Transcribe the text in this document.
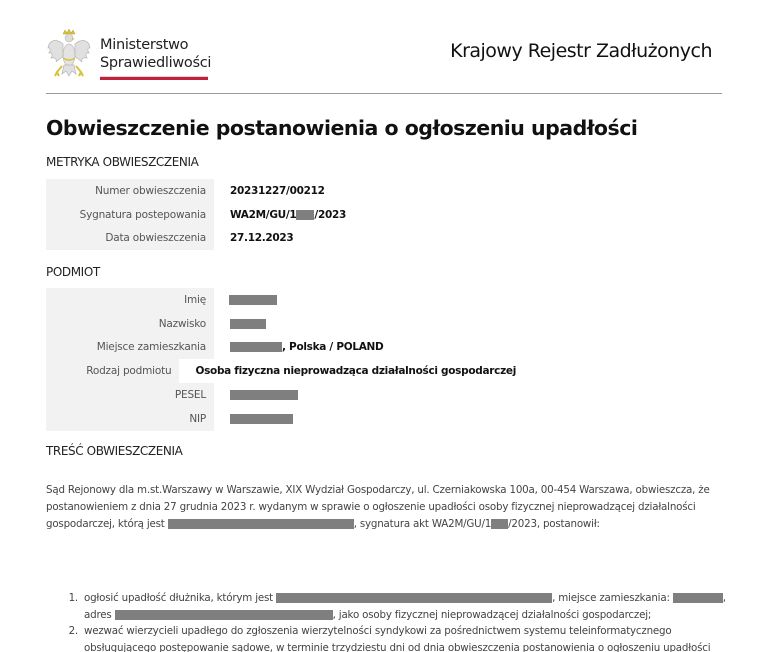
Ministerstwo
Sprawiedliwości
Krajowy Rejestr Zadłużonych
Obwieszczenie postanowienia o ogłoszeniu upadłości
METRYKA OBWIESZCZENIA
Numer obwieszczenia	20231227/00212
Sygnatura postepowania	WA2M/GU/1 /2023
Data obwieszczenia	27.12.2023
PODMIOT
Imię
Nazwisko
Miejsce zamieszkania	, Polska / POLAND
Rodzaj podmiotu	Osoba fizyczna nieprowadząca działalności gospodarczej
PESEL
NIP
TREŚĆ OBWIESZCZENIA
Sąd Rejonowy dla m.st.Warszawy w Warszawie, XIX Wydział Gospodarczy, ul. Czerniakowska 100a, 00-454 Warszawa, obwieszcza, że
postanowieniem z dnia 27 grudnia 2023 r. wydanym w sprawie o ogłoszenie upadłości osoby fizycznej nieprowadzącej działalności
gospodarczej, którą jest	, sygnatura akt WA2M/GU/1 /2023, postanowił:
1. ogłosić upadłość dłużnika, którym jest	, miejsce zamieszkania:	,
adres	, jako osoby fizycznej nieprowadzącej działalności gospodarczej;
2. wezwać wierzycieli upadłego do zgłoszenia wierzytelności syndykowi za pośrednictwem systemu teleinformatycznego
obsługującego postępowanie sądowe, w terminie trzydziestu dni od dnia obwieszczenia postanowienia o ogłoszeniu upadłości
